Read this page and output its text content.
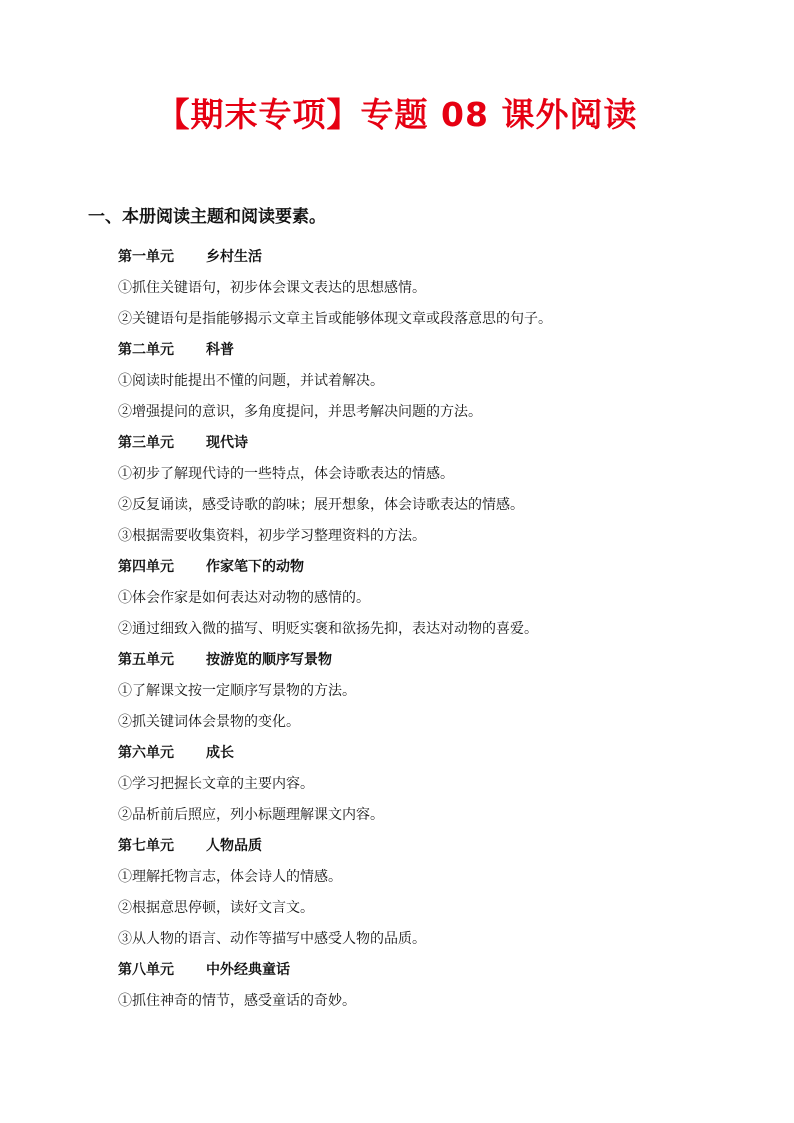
【期末专项】专题 08 课外阅读
一、本册阅读主题和阅读要素。
第一单元 乡村生活
①抓住关键语句，初步体会课文表达的思想感情。
②关键语句是指能够揭示文章主旨或能够体现文章或段落意思的句子。
第二单元 科普
①阅读时能提出不懂的问题，并试着解决。
②增强提问的意识，多角度提问，并思考解决问题的方法。
第三单元 现代诗
①初步了解现代诗的一些特点，体会诗歌表达的情感。
②反复诵读，感受诗歌的韵味；展开想象，体会诗歌表达的情感。
③根据需要收集资料，初步学习整理资料的方法。
第四单元 作家笔下的动物
①体会作家是如何表达对动物的感情的。
②通过细致入微的描写、明贬实褒和欲扬先抑，表达对动物的喜爱。
第五单元 按游览的顺序写景物
①了解课文按一定顺序写景物的方法。
②抓关键词体会景物的变化。
第六单元 成长
①学习把握长文章的主要内容。
②品析前后照应，列小标题理解课文内容。
第七单元 人物品质
①理解托物言志，体会诗人的情感。
②根据意思停顿，读好文言文。
③从人物的语言、动作等描写中感受人物的品质。
第八单元 中外经典童话
①抓住神奇的情节，感受童话的奇妙。
